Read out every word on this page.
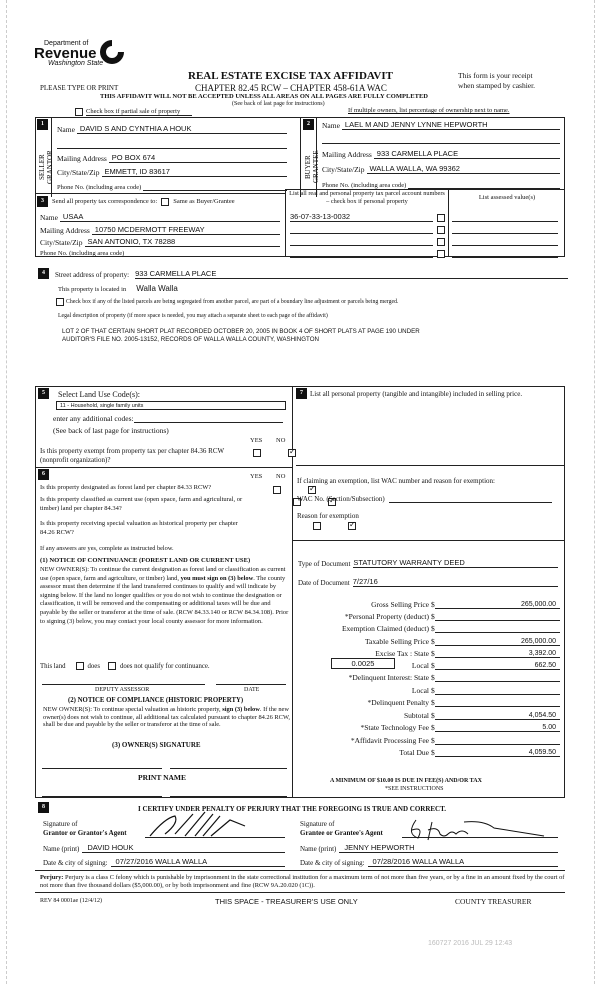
Department of
Revenue
Washington State
PLEASE TYPE OR PRINT
REAL ESTATE EXCISE TAX AFFIDAVIT
CHAPTER 82.45 RCW – CHAPTER 458-61A WAC
THIS AFFIDAVIT WILL NOT BE ACCEPTED UNLESS ALL AREAS ON ALL PAGES ARE FULLY COMPLETED
(See back of last page for instructions)
This form is your receipt
when stamped by cashier.
Check box if partial sale of property	If multiple owners, list percentage of ownership next to name.
1
SELLER GRANTOR
Name DAVID S AND CYNTHIA A HOUK
Mailing Address PO BOX 674
City/State/Zip EMMETT, ID 83617
Phone No. (including area code)
2
BUYER GRANTEE
Name LAEL M AND JENNY LYNNE HEPWORTH
Mailing Address 933 CARMELLA PLACE
City/State/Zip WALLA WALLA, WA 99362
Phone No. (including area code)
3	Send all property tax correspondence to: Same as Buyer/Grantee
Name USAA
Mailing Address 10750 MCDERMOTT FREEWAY
City/State/Zip SAN ANTONIO, TX 78288
Phone No. (including area code)
List all real and personal property tax parcel account numbers – check box if personal property	List assessed value(s)
36-07-33-13-0032
4	Street address of property: 933 CARMELLA PLACE
This property is located in Walla Walla
Check box if any of the listed parcels are being segregated from another parcel, are part of a boundary line adjustment or parcels being merged.
Legal description of property (if more space is needed, you may attach a separate sheet to each page of the affidavit)
LOT 2 OF THAT CERTAIN SHORT PLAT RECORDED OCTOBER 20, 2005 IN BOOK 4 OF SHORT PLATS AT PAGE 190 UNDER
AUDITOR'S FILE NO. 2005-13152, RECORDS OF WALLA WALLA COUNTY, WASHINGTON
5	Select Land Use Code(s):
11 - Household, single family units
enter any additional codes:
(See back of last page for instructions)
YES NO
Is this property exempt from property tax per chapter 84.36 RCW (nonprofit organization)?
✓
6	YES NO
Is this property designated as forest land per chapter 84.33 RCW?
✓
Is this property classified as current use (open space, farm and agricultural, or timber) land per chapter 84.34?
✓
Is this property receiving special valuation as historical property per chapter 84.26 RCW?
✓
If any answers are yes, complete as instructed below.
(1) NOTICE OF CONTINUANCE (FOREST LAND OR CURRENT USE)
NEW OWNER(S): To continue the current designation as forest land or classification as current use (open space, farm and agriculture, or timber) land, you must sign on (3) below. The county assessor must then determine if the land transferred continues to qualify and will indicate by signing below. If the land no longer qualifies or you do not wish to continue the designation or classification, it will be removed and the compensating or additional taxes will be due and payable by the seller or transferor at the time of sale. (RCW 84.33.140 or RCW 84.34.108). Prior to signing (3) below, you may contact your local county assessor for more information.
This land	does	does not qualify for continuance.
DEPUTY ASSESSOR	DATE
(2) NOTICE OF COMPLIANCE (HISTORIC PROPERTY)
NEW OWNER(S): To continue special valuation as historic property, sign (3) below. If the new owner(s) does not wish to continue, all additional tax calculated pursuant to chapter 84.26 RCW, shall be due and payable by the seller or transferor at the time of sale.
(3) OWNER(S) SIGNATURE
PRINT NAME
7	List all personal property (tangible and intangible) included in selling price.
If claiming an exemption, list WAC number and reason for exemption:
WAC No. (Section/Subsection)
Reason for exemption
Type of Document STATUTORY WARRANTY DEED
Date of Document 7/27/16
Gross Selling Price $	265,000.00
*Personal Property (deduct) $

Exemption Claimed (deduct) $

Taxable Selling Price $	265,000.00
Excise Tax : State $	3,392.00
Local $	662.50
*Delinquent Interest: State $

Local $

*Delinquent Penalty $

Subtotal $	4,054.50
*State Technology Fee $	5.00
*Affidavit Processing Fee $

Total Due $	4,059.50
0.0025
A MINIMUM OF $10.00 IS DUE IN FEE(S) AND/OR TAX
*SEE INSTRUCTIONS
8	I CERTIFY UNDER PENALTY OF PERJURY THAT THE FOREGOING IS TRUE AND CORRECT.
Signature of
Grantor or Grantor's Agent
Name (print)	DAVID HOUK
Date & city of signing:	07/27/2016 WALLA WALLA
Signature of
Grantee or Grantee's Agent
Name (print)	JENNY HEPWORTH
Date & city of signing:	07/28/2016 WALLA WALLA
Perjury: Perjury is a class C felony which is punishable by imprisonment in the state correctional institution for a maximum term of not more than five years, or by a fine in an amount fixed by the court of not more than five thousand dollars ($5,000.00), or by both imprisonment and fine (RCW 9A.20.020 (1C)).
REV 84 0001ae (12/4/12)	THIS SPACE - TREASURER'S USE ONLY	COUNTY TREASURER
160727 2016 JUL 29 12:43
